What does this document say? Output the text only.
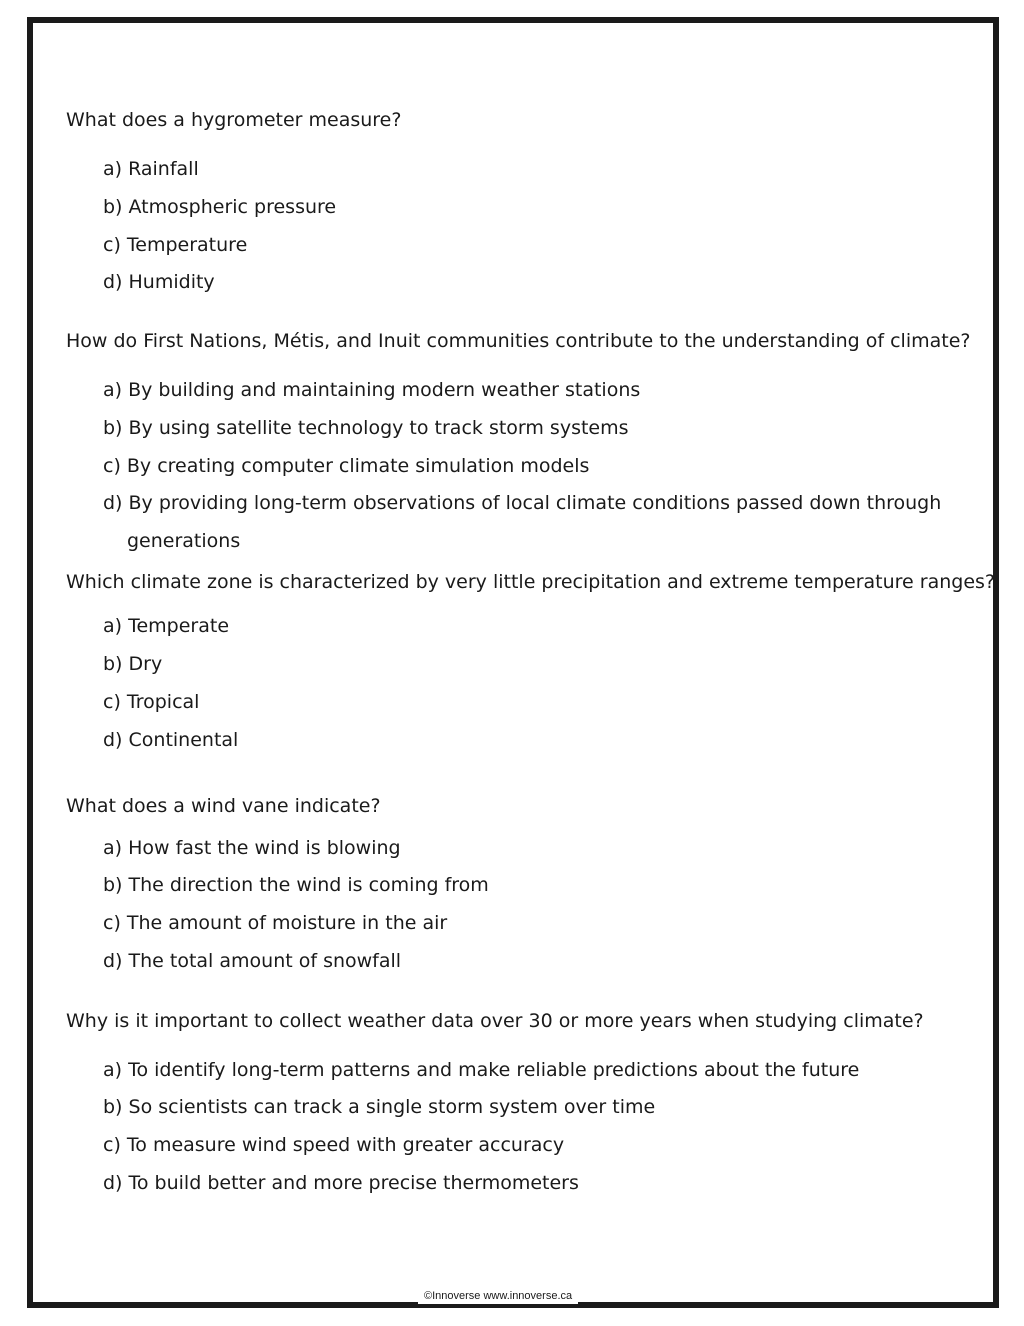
What does a hygrometer measure?
a) Rainfall
b) Atmospheric pressure
c) Temperature
d) Humidity
How do First Nations, Métis, and Inuit communities contribute to the understanding of climate?
a) By building and maintaining modern weather stations
b) By using satellite technology to track storm systems
c) By creating computer climate simulation models
d) By providing long-term observations of local climate conditions passed down through
generations
Which climate zone is characterized by very little precipitation and extreme temperature ranges?
a) Temperate
b) Dry
c) Tropical
d) Continental
What does a wind vane indicate?
a) How fast the wind is blowing
b) The direction the wind is coming from
c) The amount of moisture in the air
d) The total amount of snowfall
Why is it important to collect weather data over 30 or more years when studying climate?
a) To identify long-term patterns and make reliable predictions about the future
b) So scientists can track a single storm system over time
c) To measure wind speed with greater accuracy
d) To build better and more precise thermometers
©Innoverse www.innoverse.ca
